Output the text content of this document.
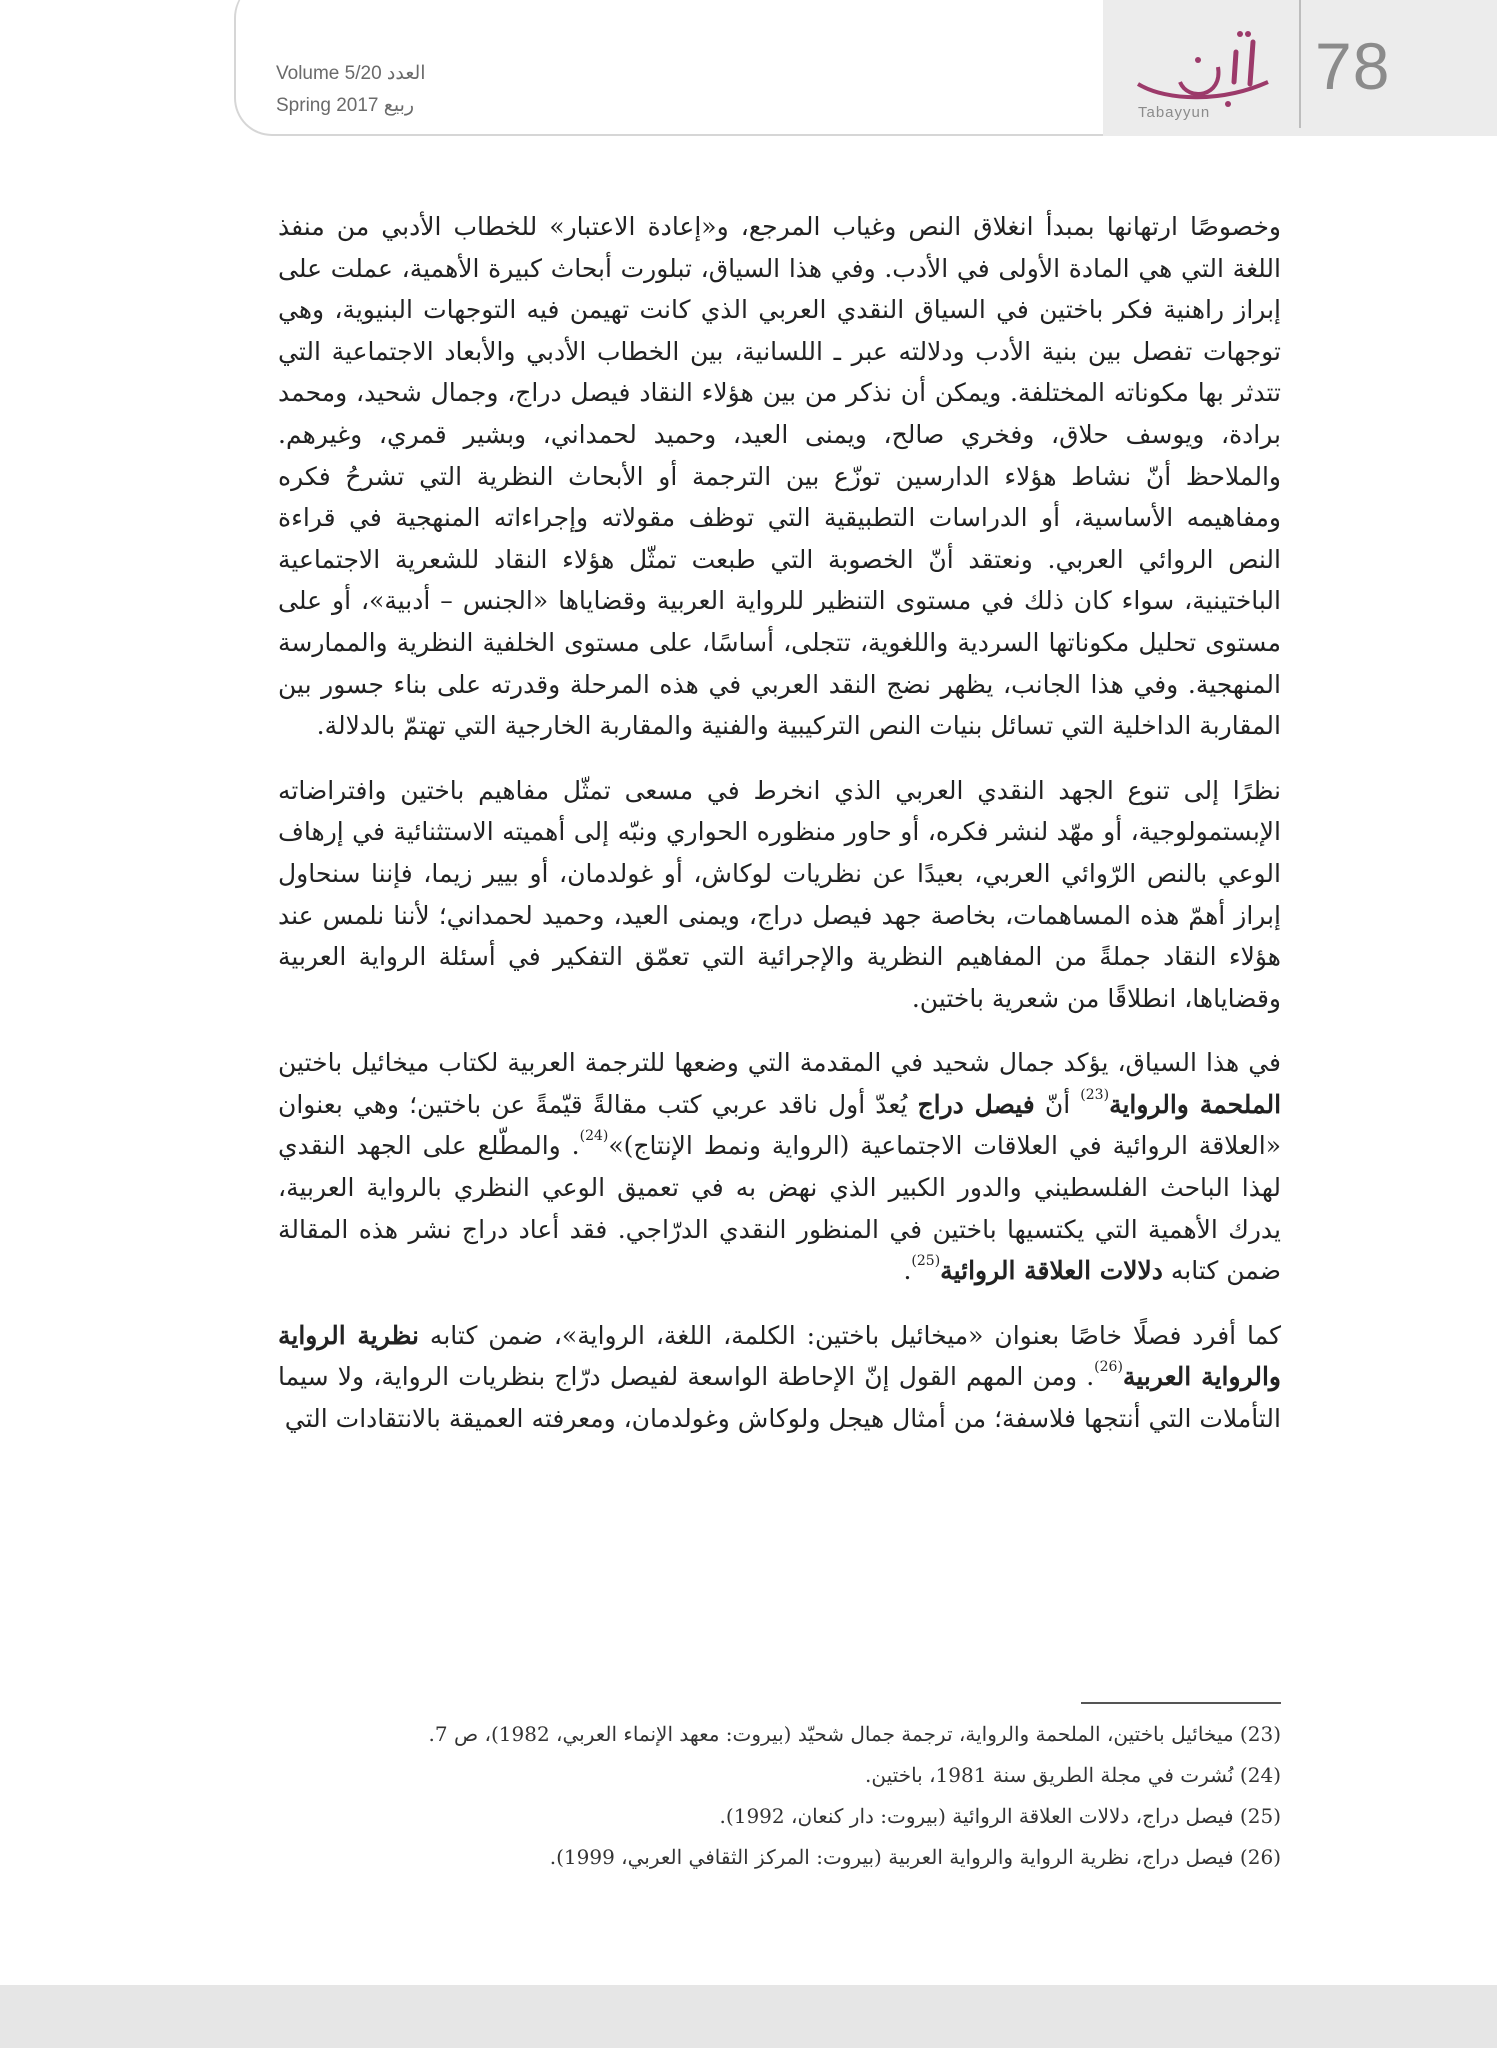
78
Tabayyun
Volume 5/20 العدد
Spring 2017 ربيع

وخصوصًا ارتهانها بمبدأ انغلاق النص وغياب المرجع، و«إعادة الاعتبار» للخطاب الأدبي من منفذ اللغة التي هي المادة الأولى في الأدب. وفي هذا السياق، تبلورت أبحاث كبيرة الأهمية، عملت على إبراز راهنية فكر باختين في السياق النقدي العربي الذي كانت تهيمن فيه التوجهات البنيوية، وهي توجهات تفصل بين بنية الأدب ودلالته عبر ـ اللسانية، بين الخطاب الأدبي والأبعاد الاجتماعية التي تتدثر بها مكوناته المختلفة. ويمكن أن نذكر من بين هؤلاء النقاد فيصل دراج، وجمال شحيد، ومحمد برادة، ويوسف حلاق، وفخري صالح، ويمنى العيد، وحميد لحمداني، وبشير قمري، وغيرهم. والملاحظ أنّ نشاط هؤلاء الدارسين توزّع بين الترجمة أو الأبحاث النظرية التي تشرحُ فكره ومفاهيمه الأساسية، أو الدراسات التطبيقية التي توظف مقولاته وإجراءاته المنهجية في قراءة النص الروائي العربي. ونعتقد أنّ الخصوبة التي طبعت تمثّل هؤلاء النقاد للشعرية الاجتماعية الباختينية، سواء كان ذلك في مستوى التنظير للرواية العربية وقضاياها «الجنس – أدبية»، أو على مستوى تحليل مكوناتها السردية واللغوية، تتجلى، أساسًا، على مستوى الخلفية النظرية والممارسة المنهجية. وفي هذا الجانب، يظهر نضج النقد العربي في هذه المرحلة وقدرته على بناء جسور بين المقاربة الداخلية التي تسائل بنيات النص التركيبية والفنية والمقاربة الخارجية التي تهتمّ بالدلالة.

نظرًا إلى تنوع الجهد النقدي العربي الذي انخرط في مسعى تمثّل مفاهيم باختين وافتراضاته الإبستمولوجية، أو مهّد لنشر فكره، أو حاور منظوره الحواري ونبّه إلى أهميته الاستثنائية في إرهاف الوعي بالنص الرّوائي العربي، بعيدًا عن نظريات لوكاش، أو غولدمان، أو بيير زيما، فإننا سنحاول إبراز أهمّ هذه المساهمات، بخاصة جهد فيصل دراج، ويمنى العيد، وحميد لحمداني؛ لأننا نلمس عند هؤلاء النقاد جملةً من المفاهيم النظرية والإجرائية التي تعمّق التفكير في أسئلة الرواية العربية وقضاياها، انطلاقًا من شعرية باختين.

في هذا السياق، يؤكد جمال شحيد في المقدمة التي وضعها للترجمة العربية لكتاب ميخائيل باختين الملحمة والرواية$^{(23)}$ أنّ فيصل دراج يُعدّ أول ناقد عربي كتب مقالةً قيّمةً عن باختين؛ وهي بعنوان «العلاقة الروائية في العلاقات الاجتماعية (الرواية ونمط الإنتاج)»$^{(24)}$. والمطّلع على الجهد النقدي لهذا الباحث الفلسطيني والدور الكبير الذي نهض به في تعميق الوعي النظري بالرواية العربية، يدرك الأهمية التي يكتسيها باختين في المنظور النقدي الدرّاجي. فقد أعاد دراج نشر هذه المقالة ضمن كتابه دلالات العلاقة الروائية$^{(25)}$.

كما أفرد فصلًا خاصًا بعنوان «ميخائيل باختين: الكلمة، اللغة، الرواية»، ضمن كتابه نظرية الرواية والرواية العربية$^{(26)}$. ومن المهم القول إنّ الإحاطة الواسعة لفيصل درّاج بنظريات الرواية، ولا سيما التأملات التي أنتجها فلاسفة؛ من أمثال هيجل ولوكاش وغولدمان، ومعرفته العميقة بالانتقادات التي

(23) ميخائيل باختين، الملحمة والرواية، ترجمة جمال شحيّد (بيروت: معهد الإنماء العربي، 1982)، ص 7.
(24) نُشرت في مجلة الطريق سنة 1981، باختين.
(25) فيصل دراج، دلالات العلاقة الروائية (بيروت: دار كنعان، 1992).
(26) فيصل دراج، نظرية الرواية والرواية العربية (بيروت: المركز الثقافي العربي، 1999).
